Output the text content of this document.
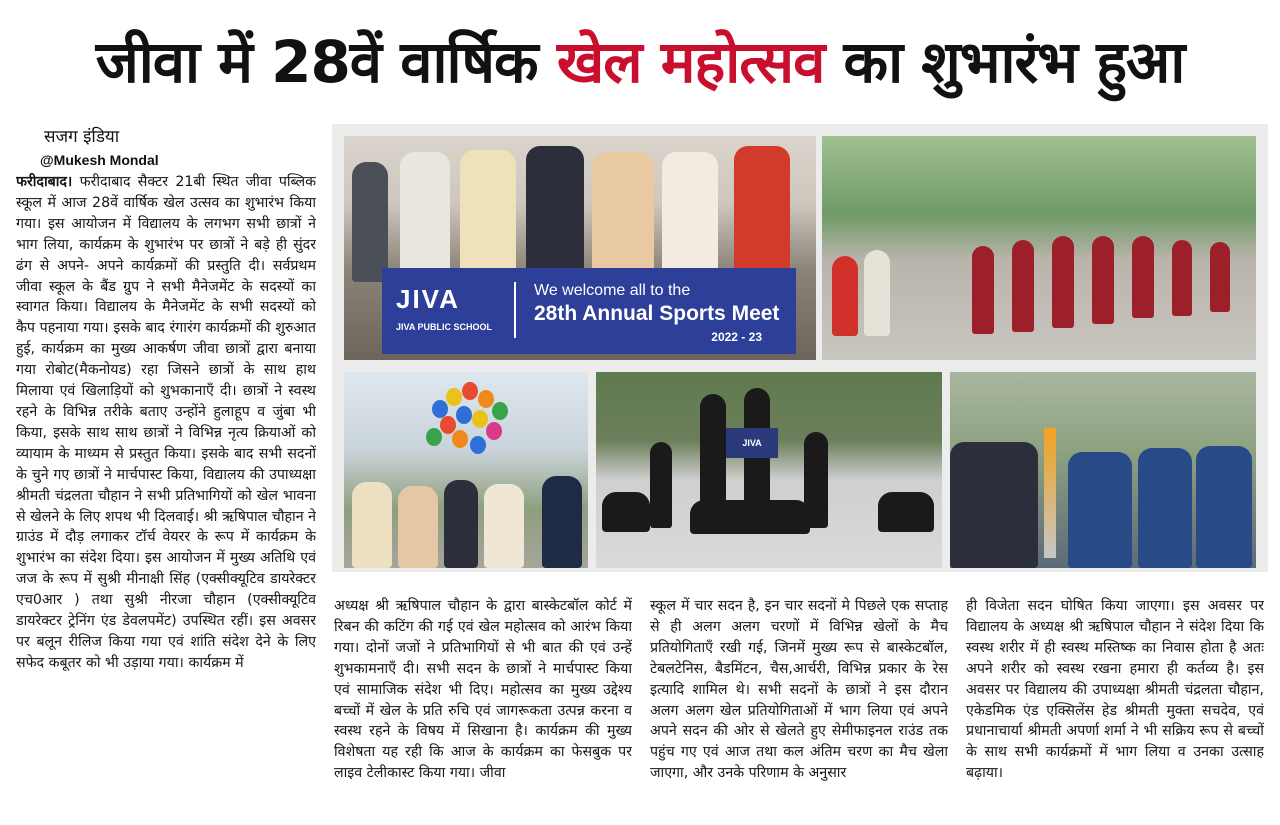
जीवा में 28वें वार्षिक खेल महोत्सव का शुभारंभ हुआ
सजग इंडिया
@Mukesh Mondal
फरीदाबाद। फरीदाबाद सैक्टर 21बी स्थित जीवा पब्लिक स्कूल में आज 28वें वार्षिक खेल उत्सव का शुभारंभ किया गया। इस आयोजन में विद्यालय के लगभग सभी छात्रों ने भाग लिया, कार्यक्रम के शुभारंभ पर छात्रों ने बड़े ही सुंदर ढंग से अपने- अपने कार्यक्रमों की प्रस्तुति दी। सर्वप्रथम जीवा स्कूल के बैंड ग्रुप ने सभी मैनेजमेंट के सदस्यों का स्वागत किया। विद्यालय के मैनेजमेंट के सभी सदस्यों को कैप पहनाया गया। इसके बाद रंगारंग कार्यक्रमों की शुरुआत हुई, कार्यक्रम का मुख्य आकर्षण जीवा छात्रों द्वारा बनाया गया रोबोट(मैकनोयड) रहा जिसने छात्रों के साथ हाथ मिलाया एवं खिलाड़ियों को शुभकानाएँ दी। छात्रों ने स्वस्थ रहने के विभिन्न तरीके बताए उन्होंने हुलाहूप व जुंबा भी किया, इसके साथ साथ छात्रों ने विभिन्न नृत्य क्रियाओं को व्यायाम के माध्यम से प्रस्तुत किया। इसके बाद सभी सदनों के चुने गए छात्रों ने मार्चपास्ट किया, विद्यालय की उपाध्यक्षा श्रीमती चंद्रलता चौहान ने सभी प्रतिभागियों को खेल भावना से खेलने के लिए शपथ भी दिलवाई। श्री ऋषिपाल चौहान ने ग्राउंड में दौड़ लगाकर टॉर्च वेयरर के रूप में कार्यक्रम के शुभारंभ का संदेश दिया। इस आयोजन में मुख्य अतिथि एवं जज के रूप में सुश्री मीनाक्षी सिंह (एक्सीक्यूटिव डायरेक्टर एच0आर ) तथा सुश्री नीरजा चौहान (एक्सीक्यूटिव डायरेक्टर ट्रेनिंग एंड डेवलपमेंट) उपस्थित रहीं। इस अवसर पर बलून रीलिज किया गया एवं शांति संदेश देने के लिए सफेद कबूतर को भी उड़ाया गया। कार्यक्रम में
JIVA
JIVA PUBLIC SCHOOL
We welcome all to the
28th Annual Sports Meet
2022 - 23
JIVA
अध्यक्ष श्री ऋषिपाल चौहान के द्वारा बास्केटबॉल कोर्ट में रिबन की कटिंग की गई एवं खेल महोत्सव को आरंभ किया गया। दोनों जजों ने प्रतिभागियों से भी बात की एवं उन्हें शुभकामनाएँ दी। सभी सदन के छात्रों ने मार्चपास्ट किया एवं सामाजिक संदेश भी दिए। महोत्सव का मुख्य उद्देश्य बच्चों में खेल के प्रति रुचि एवं जागरूकता उत्पन्न करना व स्वस्थ रहने के विषय में सिखाना है। कार्यक्रम की मुख्य विशेषता यह रही कि आज के कार्यक्रम का फेसबुक पर लाइव टेलीकास्ट किया गया। जीवा
स्कूल में चार सदन है, इन चार सदनों मे पिछले एक सप्ताह से ही अलग अलग चरणों में विभिन्न खेलों के मैच प्रतियोगिताएँ रखी गई, जिनमें मुख्य रूप से बास्केटबॉल, टेबलटेनिस, बैडमिंटन, चैस,आर्चरी, विभिन्न प्रकार के रेस इत्यादि शामिल थे। सभी सदनों के छात्रों ने इस दौरान अलग अलग खेल प्रतियोगिताओं में भाग लिया एवं अपने अपने सदन की ओर से खेलते हुए सेमीफाइनल राउंड तक पहुंच गए एवं आज तथा कल अंतिम चरण का मैच खेला जाएगा, और उनके परिणाम के अनुसार
ही विजेता सदन घोषित किया जाएगा। इस अवसर पर विद्यालय के अध्यक्ष श्री ऋषिपाल चौहान ने संदेश दिया कि स्वस्थ शरीर में ही स्वस्थ मस्तिष्क का निवास होता है अतः अपने शरीर को स्वस्थ रखना हमारा ही कर्तव्य है। इस अवसर पर विद्यालय की उपाध्यक्षा श्रीमती चंद्रलता चौहान, एकेडमिक एंड एक्सिलेंस हेड श्रीमती मुक्ता सचदेव, एवं प्रधानाचार्या श्रीमती अपर्णा शर्मा ने भी सक्रिय रूप से बच्चों के साथ सभी कार्यक्रमों में भाग लिया व उनका उत्साह बढ़ाया।
